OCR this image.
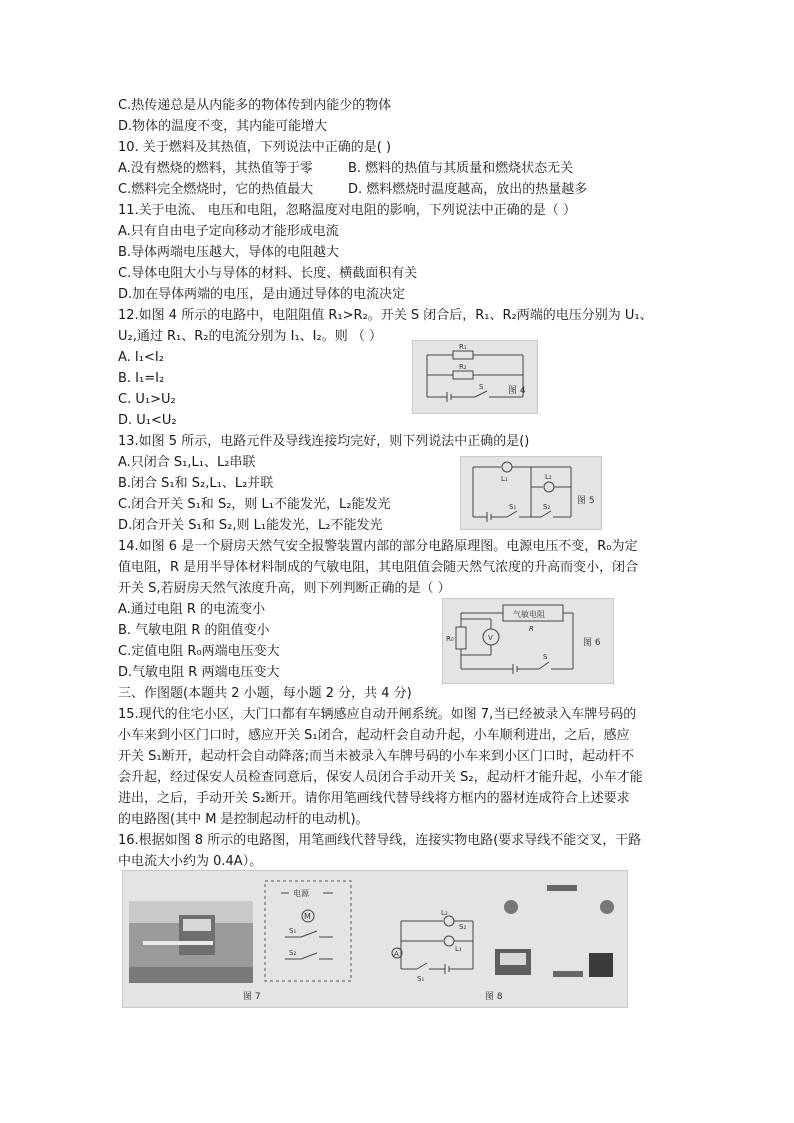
C.热传递总是从内能多的物体传到内能少的物体
D.物体的温度不变，其内能可能增大
10. 关于燃料及其热值，下列说法中正确的是( )
A.没有燃烧的燃料，其热值等于零	B. 燃料的热值与其质量和燃烧状态无关
C.燃料完全燃烧时，它的热值最大	D. 燃料燃烧时温度越高，放出的热量越多
11.关于电流、 电压和电阻，忽略温度对电阻的影响，下列说法中正确的是（ ）
A.只有自由电子定向移动才能形成电流
B.导体两端电压越大，导体的电阻越大
C.导体电阻大小与导体的材料、长度、横截面积有关
D.加在导体两端的电压，是由通过导体的电流决定
12.如图 4 所示的电路中，电阻阻值 R₁>R₂。开关 S 闭合后，R₁、R₂两端的电压分别为 U₁、
U₂,通过 R₁、R₂的电流分别为 I₁、I₂。则 （ ）
A. I₁<I₂
B. I₁=I₂
C. U₁>U₂
D. U₁<U₂
R₁
R₂
S	图 4
13.如图 5 所示，电路元件及导线连接均完好，则下列说法中正确的是()
A.只闭合 S₁,L₁、L₂串联
B.闭合 S₁和 S₂,L₁、L₂并联
C.闭合开关 S₁和 S₂，则 L₁不能发光，L₂能发光
D.闭合开关 S₁和 S₂,则 L₁能发光，L₂不能发光
L₁	L₂
S₁	S₂
图 5
14.如图 6 是一个厨房天然气安全报警装置内部的部分电路原理图。电源电压不变，R₀为定
值电阻，R 是用半导体材料制成的气敏电阻，其电阻值会随天然气浓度的升高而变小，闭合
开关 S,若厨房天然气浓度升高，则下列判断正确的是（ ）
A.通过电阻 R 的电流变小
B. 气敏电阻 R 的阻值变小
C.定值电阻 R₀两端电压变大
D.气敏电阻 R 两端电压变大
气敏电阻
R
R₀	V
S
图 6
三、作图题(本题共 2 小题，每小题 2 分，共 4 分)
15.现代的住宅小区，大门口都有车辆感应自动开闸系统。如图 7,当已经被录入车牌号码的
小车来到小区门口时，感应开关 S₁闭合，起动杆会自动升起，小车顺利进出，之后，感应
开关 S₁断开，起动杆会自动降落;而当未被录入车牌号码的小车来到小区门口时，起动杆不
会升起，经过保安人员检查同意后，保安人员闭合手动开关 S₂，起动杆才能升起，小车才能
进出，之后，手动开关 S₂断开。请你用笔画线代替导线将方框内的器材连成符合上述要求
的电路图(其中 M 是控制起动杆的电动机)。
16.根据如图 8 所示的电路图，用笔画线代替导线，连接实物电路(要求导线不能交叉，干路
中电流大小约为 0.4A）。
电源
M
S₁
S₂
图 7
A
L₂
L₁
S₁
S₂
图 8
